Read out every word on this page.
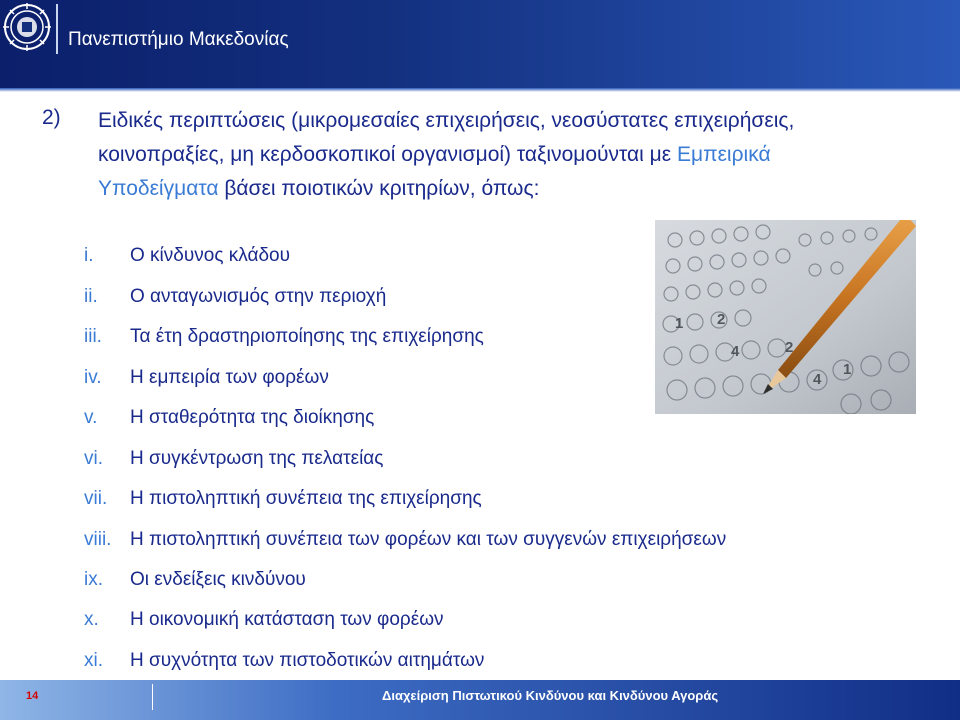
Πανεπιστήμιο Μακεδονίας
2) Ειδικές περιπτώσεις (μικρομεσαίες επιχειρήσεις, νεοσύστατες επιχειρήσεις, κοινοπραξίες, μη κερδοσκοπικοί οργανισμοί) ταξινομούνται με Εμπειρικά Υποδείγματα βάσει ποιοτικών κριτηρίων, όπως:
i.	Ο κίνδυνος κλάδου
ii.	Ο ανταγωνισμός στην περιοχή
iii.	Τα έτη δραστηριοποίησης της επιχείρησης
iv.	Η εμπειρία των φορέων
v.	Η σταθερότητα της διοίκησης
vi.	Η συγκέντρωση της πελατείας
vii.	Η πιστοληπτική συνέπεια της επιχείρησης
viii. Η πιστοληπτική συνέπεια των φορέων και των συγγενών επιχειρήσεων
ix.	Οι ενδείξεις κινδύνου
x.	Η οικονομική κατάσταση των φορέων
xi.	Η συχνότητα των πιστοδοτικών αιτημάτων
1 2
4	2
4
1
14	Διαχείριση Πιστωτικού Κινδύνου και Κινδύνου Αγοράς
